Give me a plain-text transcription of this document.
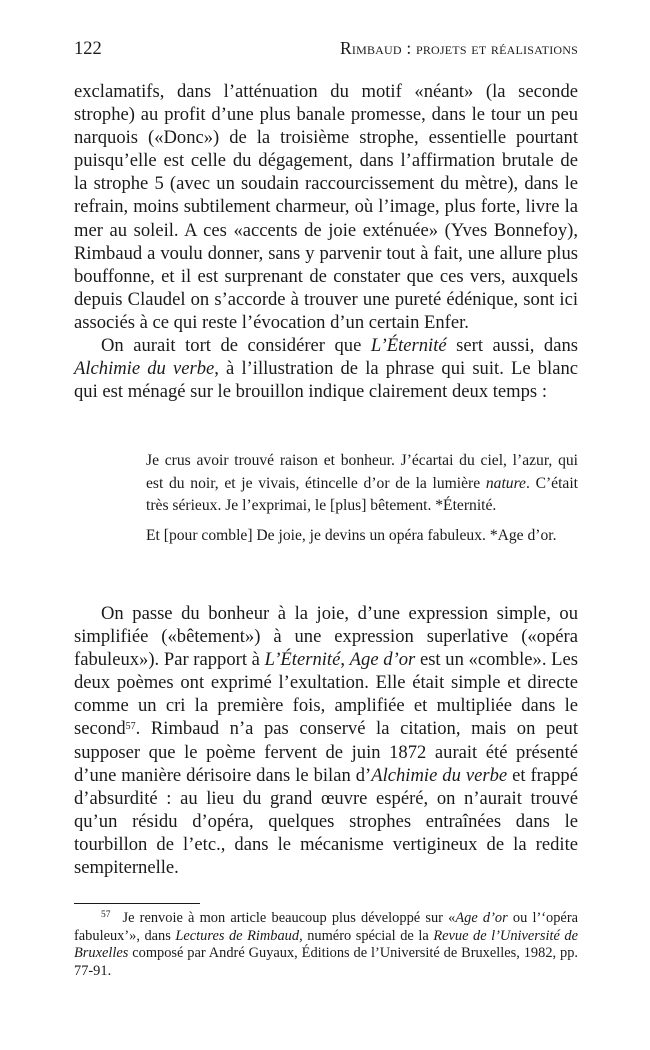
122	Rimbaud : projets et réalisations

exclamatifs, dans l’atténuation du motif «néant» (la seconde strophe) au profit d’une plus banale promesse, dans le tour un peu narquois («Donc») de la troisième strophe, essentielle pourtant puisqu’elle est celle du dégagement, dans l’affirmation brutale de la strophe 5 (avec un soudain raccourcissement du mètre), dans le refrain, moins subtilement charmeur, où l’image, plus forte, livre la mer au soleil. A ces «accents de joie exténuée» (Yves Bonnefoy), Rimbaud a voulu donner, sans y parvenir tout à fait, une allure plus bouffonne, et il est surprenant de constater que ces vers, auxquels depuis Claudel on s’accorde à trouver une pureté édénique, sont ici associés à ce qui reste l’évocation d’un certain Enfer.

On aurait tort de considérer que L’Éternité sert aussi, dans Alchimie du verbe, à l’illustration de la phrase qui suit. Le blanc qui est ménagé sur le brouillon indique clairement deux temps :

Je crus avoir trouvé raison et bonheur. J’écartai du ciel, l’azur, qui est du noir, et je vivais, étincelle d’or de la lumière nature. C’était très sérieux. Je l’exprimai, le [plus] bêtement. *Éternité.

Et [pour comble] De joie, je devins un opéra fabuleux. *Age d’or.

On passe du bonheur à la joie, d’une expression simple, ou simplifiée («bêtement») à une expression superlative («opéra fabuleux»). Par rapport à L’Éternité, Age d’or est un «comble». Les deux poèmes ont exprimé l’exultation. Elle était simple et directe comme un cri la première fois, amplifiée et multipliée dans le second$^{57}$. Rimbaud n’a pas conservé la citation, mais on peut supposer que le poème fervent de juin 1872 aurait été présenté d’une manière dérisoire dans le bilan d’Alchimie du verbe et frappé d’absurdité : au lieu du grand œuvre espéré, on n’aurait trouvé qu’un résidu d’opéra, quelques strophes entraînées dans le tourbillon de l’etc., dans le mécanisme vertigineux de la redite sempiternelle.

$^{57}$ Je renvoie à mon article beaucoup plus développé sur «Age d’or ou l’‘opéra fabuleux’», dans Lectures de Rimbaud, numéro spécial de la Revue de l’Université de Bruxelles composé par André Guyaux, Éditions de l’Université de Bruxelles, 1982, pp. 77-91.
